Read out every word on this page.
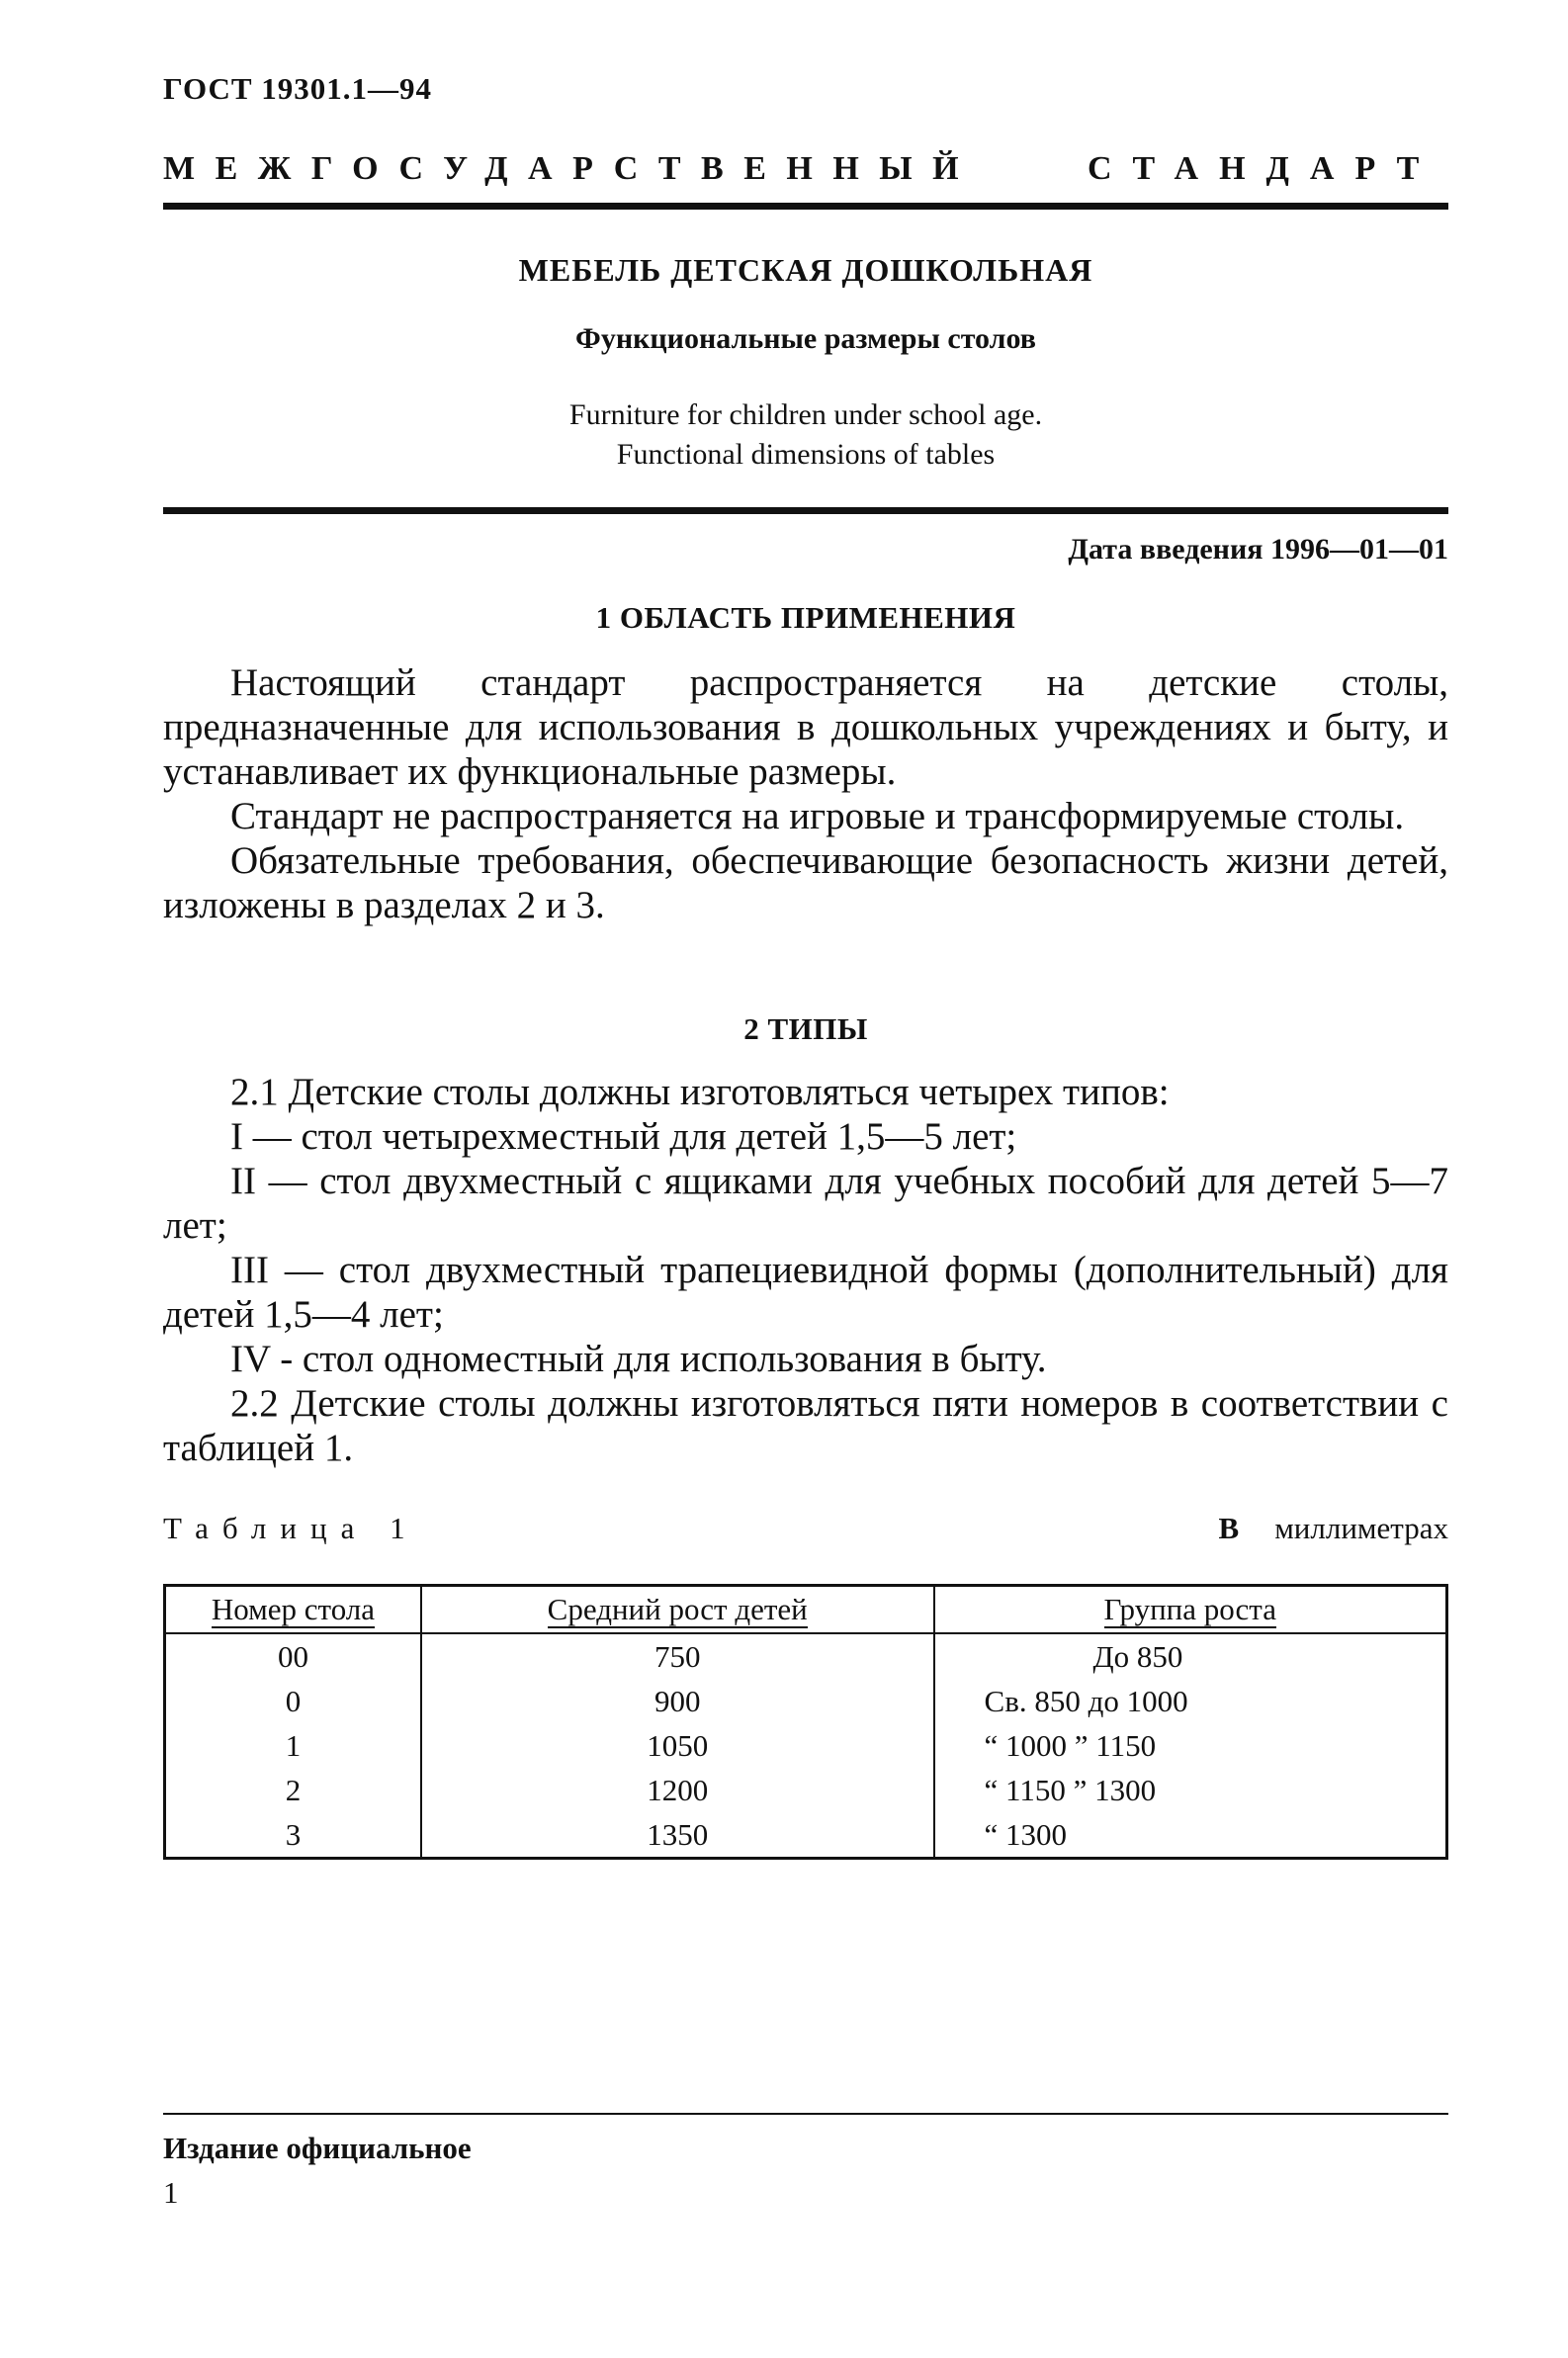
ГОСТ 19301.1—94
МЕЖГОСУДАРСТВЕННЫЙ	СТАНДАРТ
МЕБЕЛЬ ДЕТСКАЯ ДОШКОЛЬНАЯ
Функциональные размеры столов
Furniture for children under school age.
Functional dimensions of tables
Дата введения 1996—01—01
1 ОБЛАСТЬ ПРИМЕНЕНИЯ

Настоящий стандарт распространяется на детские столы, предназначенные для использования в дошкольных учреждениях и быту, и устанавливает их функциональные размеры.

Стандарт не распространяется на игровые и трансформируемые столы.

Обязательные требования, обеспечивающие безопасность жизни детей, изложены в разделах 2 и 3.

2 ТИПЫ

2.1 Детские столы должны изготовляться четырех типов:

I — стол четырехместный для детей 1,5—5 лет;

II — стол двухместный с ящиками для учебных пособий для детей 5—7 лет;

III — стол двухместный трапециевидной формы (дополнительный) для детей 1,5—4 лет;

IV - стол одноместный для использования в быту.

2.2 Детские столы должны изготовляться пяти номеров в соответствии с таблицей 1.

Таблица 1	В миллиметрах
Номер стола	Средний рост детей	Группа роста
00	750	До 850
0	900	Св. 850 до 1000
1	1050	“ 1000 ” 1150
2	1200	“ 1150 ” 1300
3	1350	“ 1300
Издание официальное
1
